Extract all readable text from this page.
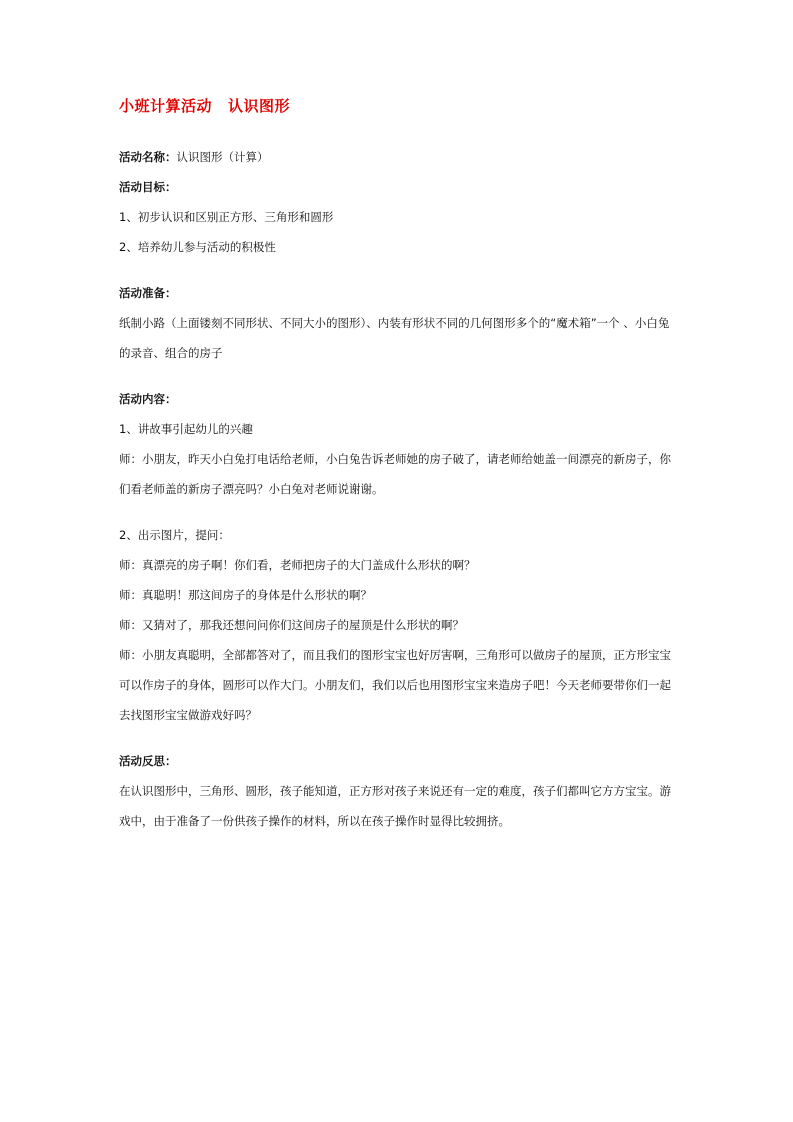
小班计算活动 认识图形

活动名称：认识图形（计算）

活动目标：

1、初步认识和区别正方形、三角形和圆形

2、培养幼儿参与活动的积极性

活动准备：

纸制小路（上面镂刻不同形状、不同大小的图形）、内装有形状不同的几何图形多个的“魔术箱”一个 、小白兔的录音、组合的房子

活动内容：

1、讲故事引起幼儿的兴趣

师：小朋友，昨天小白兔打电话给老师，小白兔告诉老师她的房子破了，请老师给她盖一间漂亮的新房子，你们看老师盖的新房子漂亮吗？小白兔对老师说谢谢。

2、出示图片，提问：

师：真漂亮的房子啊！你们看，老师把房子的大门盖成什么形状的啊？

师：真聪明！那这间房子的身体是什么形状的啊？

师：又猜对了，那我还想问问你们这间房子的屋顶是什么形状的啊？

师：小朋友真聪明，全部都答对了，而且我们的图形宝宝也好厉害啊，三角形可以做房子的屋顶，正方形宝宝可以作房子的身体，圆形可以作大门。小朋友们，我们以后也用图形宝宝来造房子吧！今天老师要带你们一起去找图形宝宝做游戏好吗？

活动反思：

在认识图形中，三角形、圆形，孩子能知道，正方形对孩子来说还有一定的难度，孩子们都叫它方方宝宝。游戏中，由于准备了一份供孩子操作的材料，所以在孩子操作时显得比较拥挤。
